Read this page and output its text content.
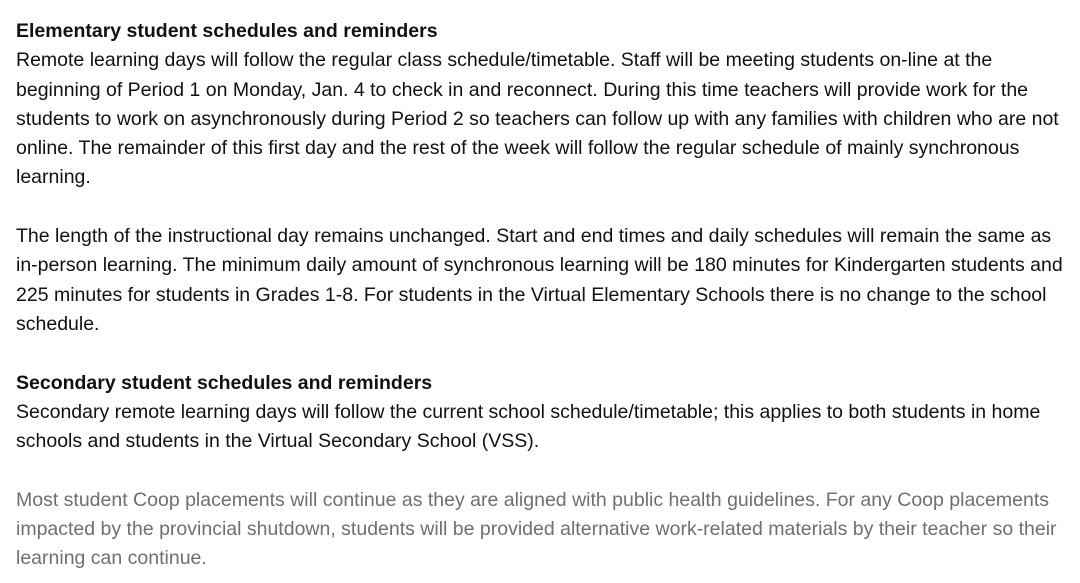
Elementary student schedules and reminders

Remote learning days will follow the regular class schedule/timetable. Staff will be meeting students on-line at the beginning of Period 1 on Monday, Jan. 4 to check in and reconnect. During this time teachers will provide work for the students to work on asynchronously during Period 2 so teachers can follow up with any families with children who are not online. The remainder of this first day and the rest of the week will follow the regular schedule of mainly synchronous learning.

The length of the instructional day remains unchanged. Start and end times and daily schedules will remain the same as in-person learning. The minimum daily amount of synchronous learning will be 180 minutes for Kindergarten students and 225 minutes for students in Grades 1-8. For students in the Virtual Elementary Schools there is no change to the school schedule.

Secondary student schedules and reminders

Secondary remote learning days will follow the current school schedule/timetable; this applies to both students in home schools and students in the Virtual Secondary School (VSS).

Most student Coop placements will continue as they are aligned with public health guidelines. For any Coop placements impacted by the provincial shutdown, students will be provided alternative work-related materials by their teacher so their learning can continue.
